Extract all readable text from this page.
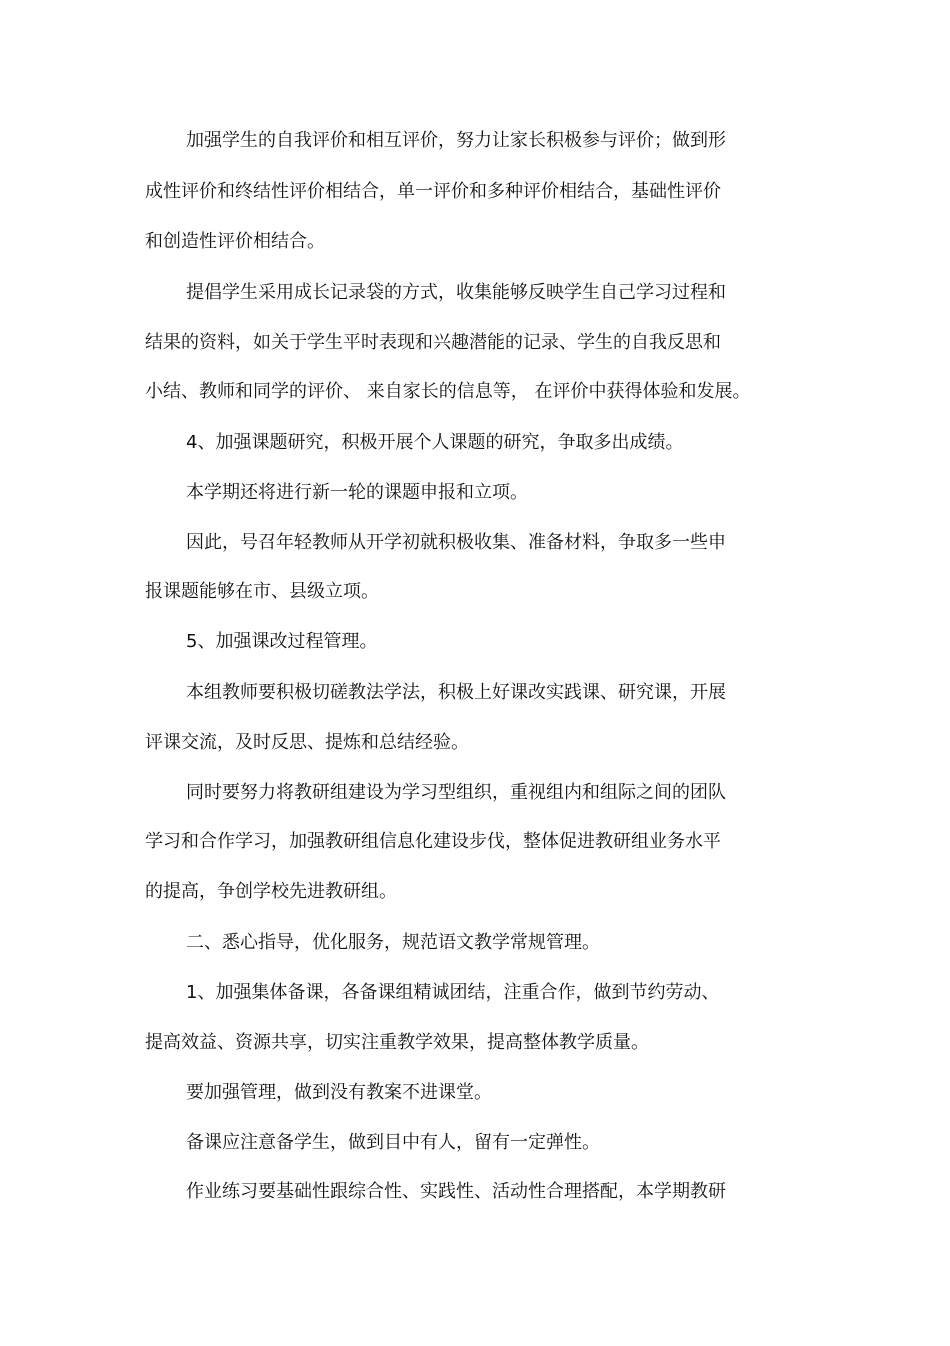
加强学生的自我评价和相互评价，努力让家长积极参与评价；做到形
成性评价和终结性评价相结合，单一评价和多种评价相结合，基础性评价
和创造性评价相结合。
提倡学生采用成长记录袋的方式，收集能够反映学生自己学习过程和
结果的资料，如关于学生平时表现和兴趣潜能的记录、学生的自我反思和
小结、教师和同学的评价、 来自家长的信息等， 在评价中获得体验和发展。
4、加强课题研究，积极开展个人课题的研究，争取多出成绩。
本学期还将进行新一轮的课题申报和立项。
因此，号召年轻教师从开学初就积极收集、准备材料，争取多一些申
报课题能够在市、县级立项。
5、加强课改过程管理。
本组教师要积极切磋教法学法，积极上好课改实践课、研究课，开展
评课交流，及时反思、提炼和总结经验。
同时要努力将教研组建设为学习型组织，重视组内和组际之间的团队
学习和合作学习，加强教研组信息化建设步伐，整体促进教研组业务水平
的提高，争创学校先进教研组。
二、悉心指导，优化服务，规范语文教学常规管理。
1、加强集体备课，各备课组精诚团结，注重合作，做到节约劳动、
提高效益、资源共享，切实注重教学效果，提高整体教学质量。
要加强管理，做到没有教案不进课堂。
备课应注意备学生，做到目中有人，留有一定弹性。
作业练习要基础性跟综合性、实践性、活动性合理搭配，本学期教研
